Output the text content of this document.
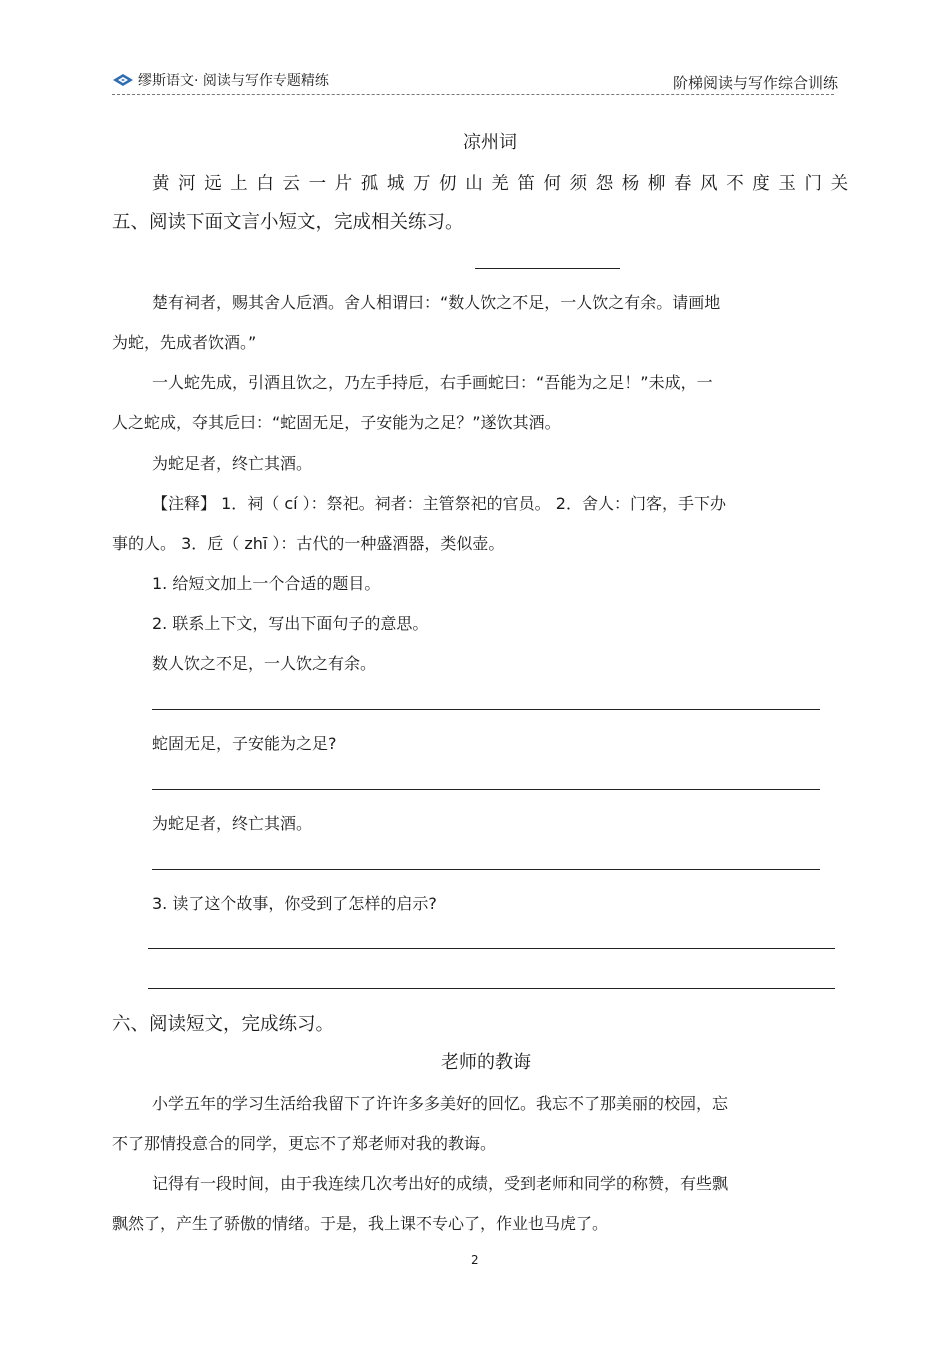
缪斯语文· 阅读与写作专题精练	阶梯阅读与写作综合训练
凉州词
黄河远上白云一片孤城万仞山羌笛何须怨杨柳春风不度玉门关
五、阅读下面文言小短文，完成相关练习。
楚有祠者，赐其舍人卮酒。舍人相谓曰：“数人饮之不足，一人饮之有余。请画地
为蛇，先成者饮酒。”
一人蛇先成，引酒且饮之，乃左手持卮，右手画蛇曰：“吾能为之足！”未成，一
人之蛇成，夺其卮曰：“蛇固无足，子安能为之足？”遂饮其酒。
为蛇足者，终亡其酒。
【注释】 1．祠（ cí ）：祭祀。祠者：主管祭祀的官员。 2．舍人：门客，手下办
事的人。 3．卮（ zhī ）：古代的一种盛酒器，类似壶。
1. 给短文加上一个合适的题目。
2. 联系上下文，写出下面句子的意思。
数人饮之不足，一人饮之有余。
蛇固无足，子安能为之足?
为蛇足者，终亡其酒。
3. 读了这个故事，你受到了怎样的启示?
六、阅读短文，完成练习。
老师的教诲
小学五年的学习生活给我留下了许许多多美好的回忆。我忘不了那美丽的校园，忘
不了那情投意合的同学，更忘不了郑老师对我的教诲。
记得有一段时间，由于我连续几次考出好的成绩，受到老师和同学的称赞，有些飘
飘然了，产生了骄傲的情绪。于是，我上课不专心了，作业也马虎了。
2
